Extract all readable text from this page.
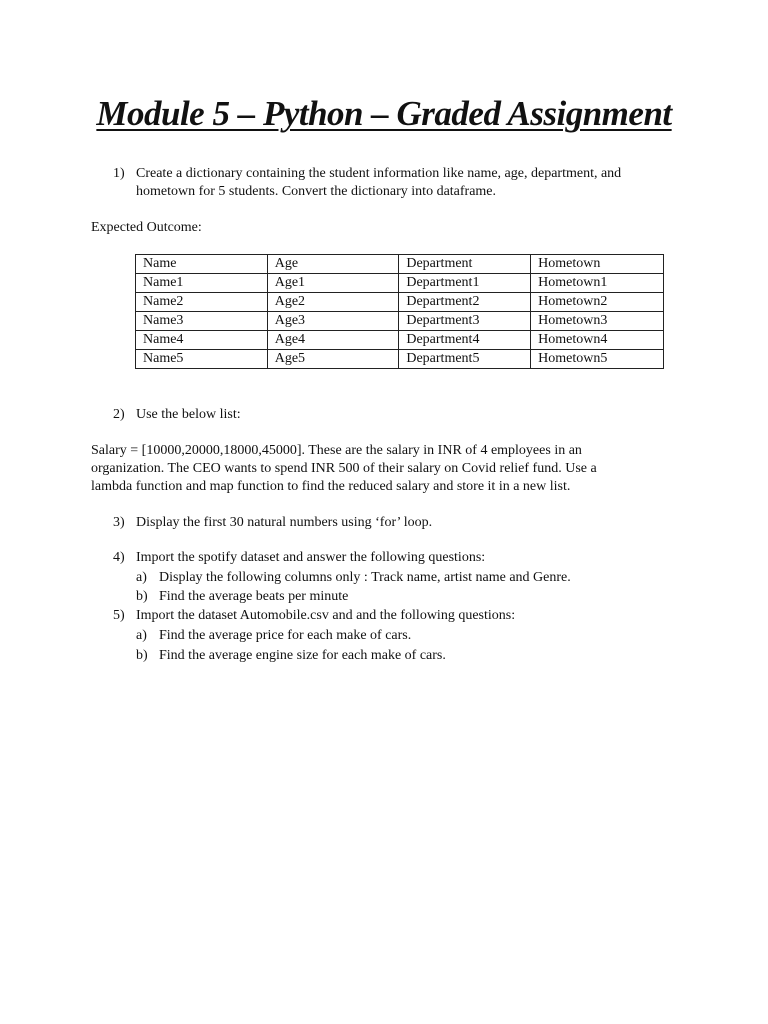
Module 5 – Python – Graded Assignment
1) Create a dictionary containing the student information like name, age, department, and
hometown for 5 students. Convert the dictionary into dataframe.
Expected Outcome:
Name	Age	Department	Hometown
Name1	Age1	Department1	Hometown1
Name2	Age2	Department2	Hometown2
Name3	Age3	Department3	Hometown3
Name4	Age4	Department4	Hometown4
Name5	Age5	Department5	Hometown5
2) Use the below list:
Salary = [10000,20000,18000,45000]. These are the salary in INR of 4 employees in an
organization. The CEO wants to spend INR 500 of their salary on Covid relief fund. Use a
lambda function and map function to find the reduced salary and store it in a new list.
3) Display the first 30 natural numbers using ‘for’ loop.
4) Import the spotify dataset and answer the following questions:
a) Display the following columns only : Track name, artist name and Genre.
b) Find the average beats per minute
5) Import the dataset Automobile.csv and and the following questions:
a) Find the average price for each make of cars.
b) Find the average engine size for each make of cars.
